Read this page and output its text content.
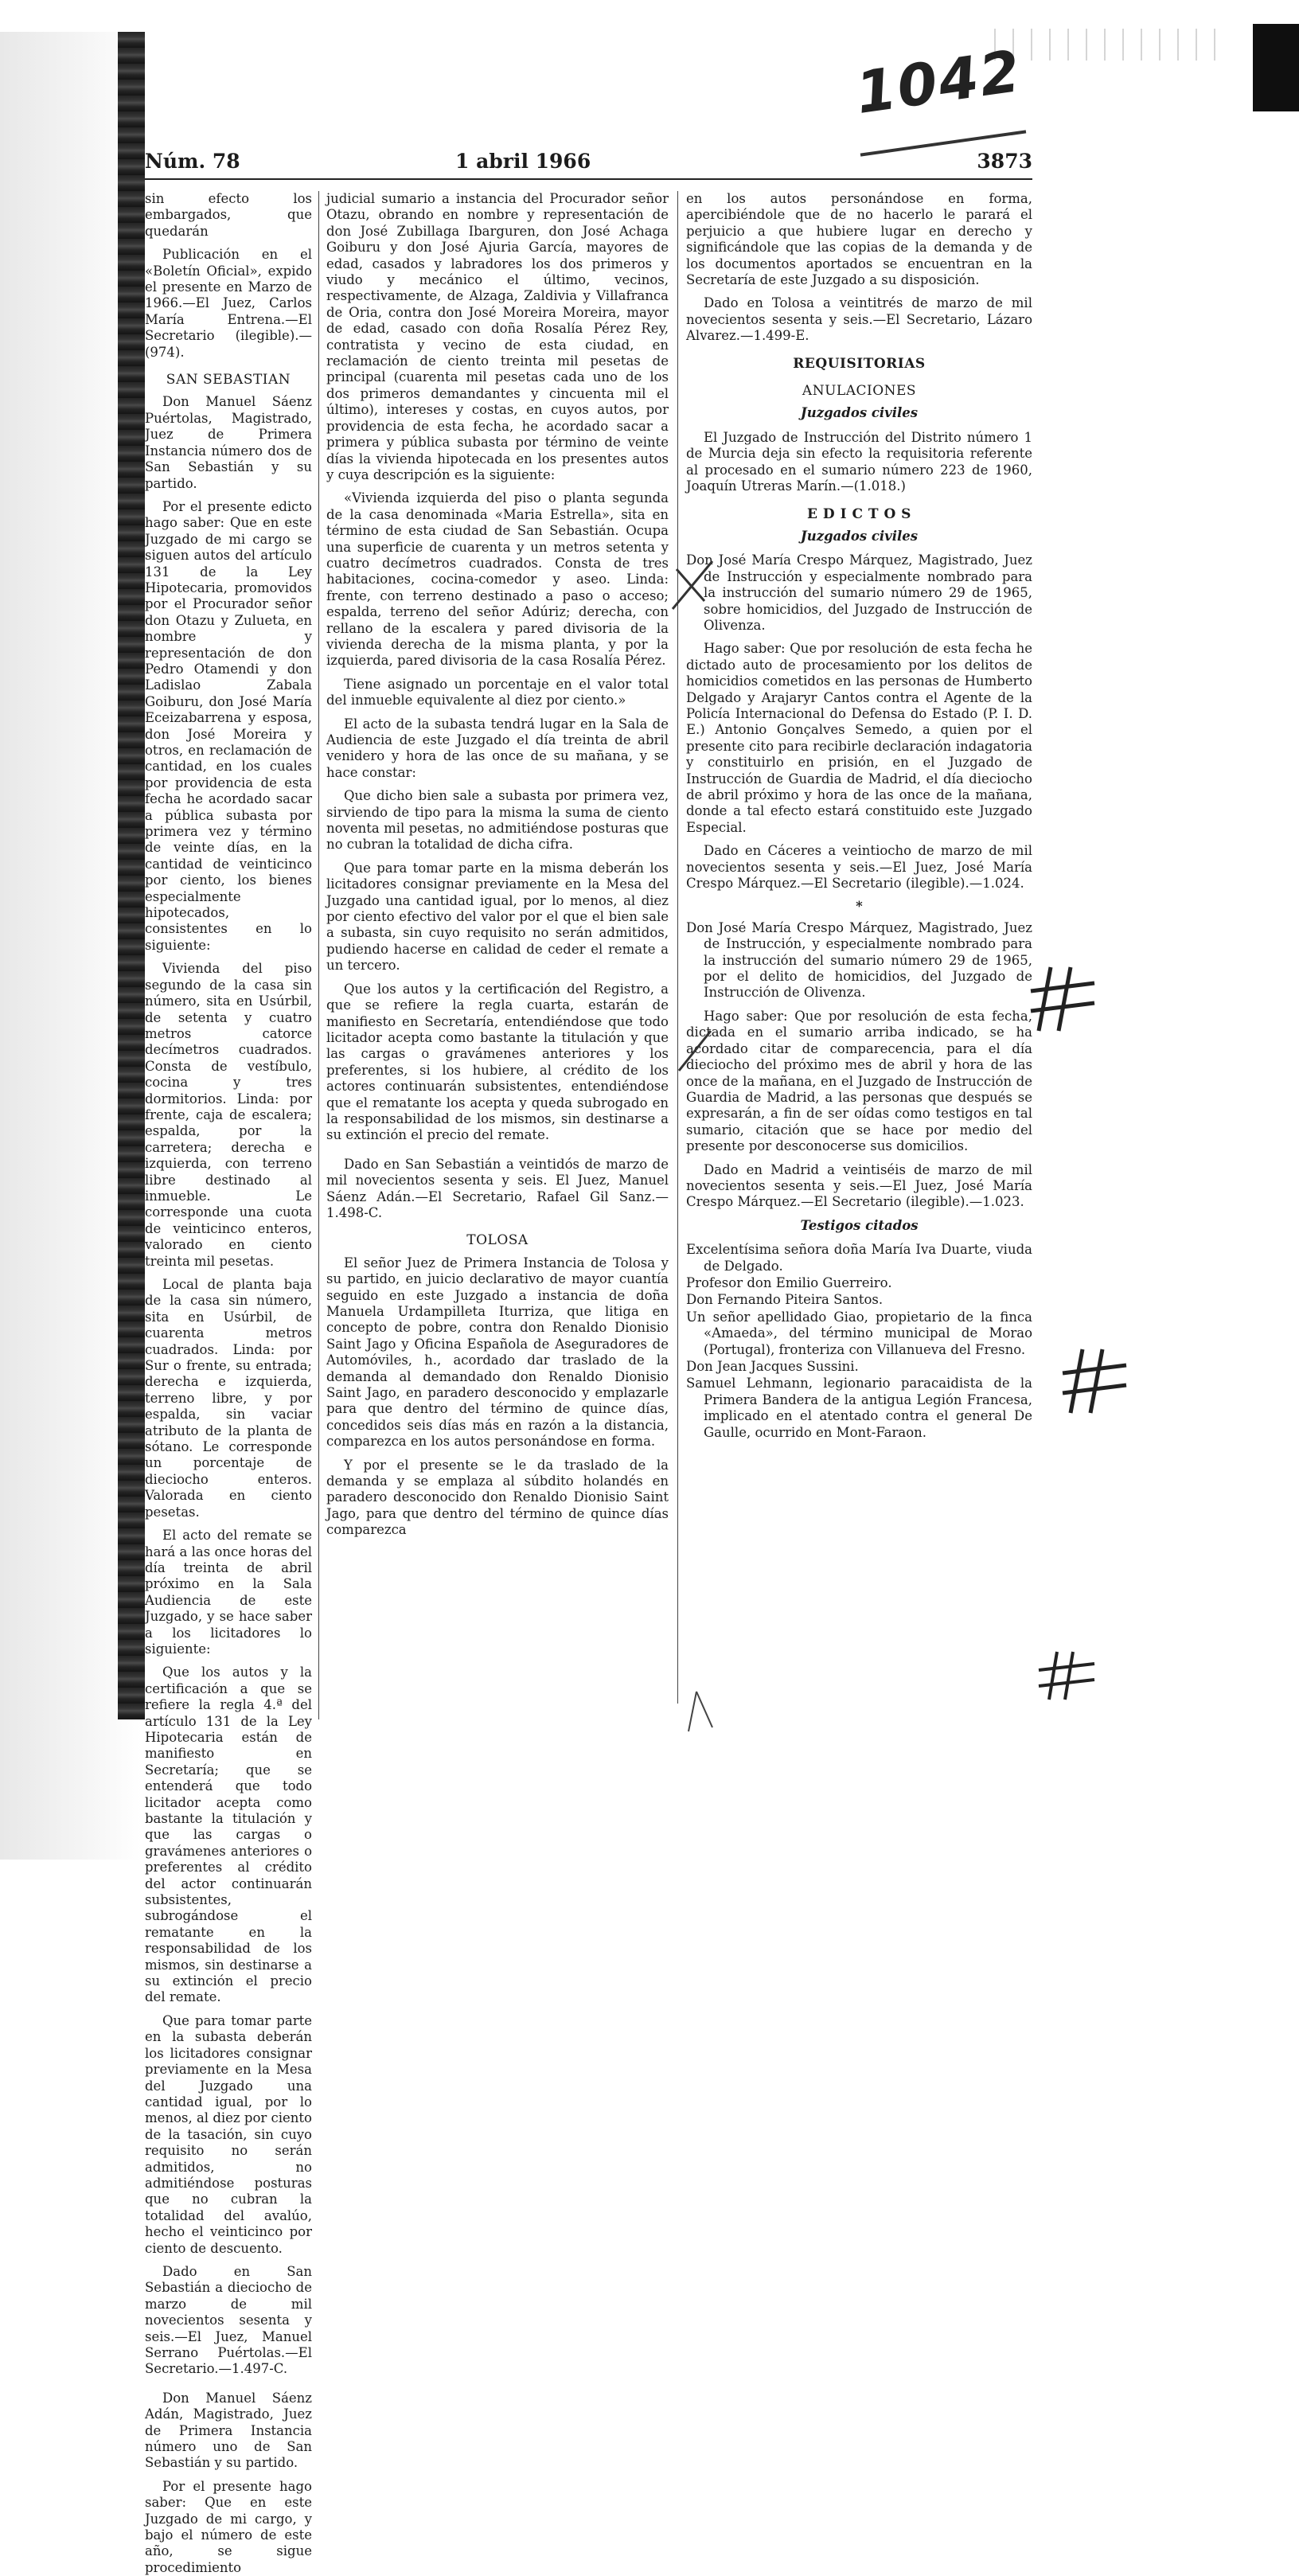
1042
Núm. 78	1 abril 1966	3873

sin efecto los embargados, que quedarán

Publicación en el «Boletín Oficial», expido el presente en Marzo de 1966.—El Juez, Carlos María Entrena.—El Secretario (ilegible).—(974).

SAN SEBASTIAN

Don Manuel Sáenz Puértolas, Magistrado, Juez de Primera Instancia número dos de San Sebastián y su partido.

Por el presente edicto hago saber: Que en este Juzgado de mi cargo se siguen autos del artículo 131 de la Ley Hipotecaria, promovidos por el Procurador señor don Otazu y Zulueta, en nombre y representación de don Pedro Otamendi y don Ladislao Zabala Goiburu, don José María Eceizabarrena y esposa, don José Moreira y otros, en reclamación de cantidad, en los cuales por providencia de esta fecha he acordado sacar a pública subasta por primera vez y término de veinte días, en la cantidad de veinticinco por ciento, los bienes especialmente hipotecados, consistentes en lo siguiente:

Vivienda del piso segundo de la casa sin número, sita en Usúrbil, de setenta y cuatro metros catorce decímetros cuadrados. Consta de vestíbulo, cocina y tres dormitorios. Linda: por frente, caja de escalera; espalda, por la carretera; derecha e izquierda, con terreno libre destinado al inmueble. Le corresponde una cuota de veinticinco enteros, valorado en ciento treinta mil pesetas.

Local de planta baja de la casa sin número, sita en Usúrbil, de cuarenta metros cuadrados. Linda: por Sur o frente, su entrada; derecha e izquierda, terreno libre, y por espalda, sin vaciar atributo de la planta de sótano. Le corresponde un porcentaje de dieciocho enteros. Valorada en ciento pesetas.

El acto del remate se hará a las once horas del día treinta de abril próximo en la Sala Audiencia de este Juzgado, y se hace saber a los licitadores lo siguiente:

Que los autos y la certificación a que se refiere la regla 4.ª del artículo 131 de la Ley Hipotecaria están de manifiesto en Secretaría; que se entenderá que todo licitador acepta como bastante la titulación y que las cargas o gravámenes anteriores o preferentes al crédito del actor continuarán subsistentes, subrogándose el rematante en la responsabilidad de los mismos, sin destinarse a su extinción el precio del remate.

Que para tomar parte en la subasta deberán los licitadores consignar previamente en la Mesa del Juzgado una cantidad igual, por lo menos, al diez por ciento de la tasación, sin cuyo requisito no serán admitidos, no admitiéndose posturas que no cubran la totalidad del avalúo, hecho el veinticinco por ciento de descuento.

Dado en San Sebastián a dieciocho de marzo de mil novecientos sesenta y seis.—El Juez, Manuel Serrano Puértolas.—El Secretario.—1.497-C.

Don Manuel Sáenz Adán, Magistrado, Juez de Primera Instancia número uno de San Sebastián y su partido.

Por el presente hago saber: Que en este Juzgado de mi cargo, y bajo el número de este año, se sigue procedimiento

judicial sumario a instancia del Procurador señor Otazu, obrando en nombre y representación de don José Zubillaga Ibarguren, don José Achaga Goiburu y don José Ajuria García, mayores de edad, casados y labradores los dos primeros y viudo y mecánico el último, vecinos, respectivamente, de Alzaga, Zaldivia y Villafranca de Oria, contra don José Moreira Moreira, mayor de edad, casado con doña Rosalía Pérez Rey, contratista y vecino de esta ciudad, en reclamación de ciento treinta mil pesetas de principal (cuarenta mil pesetas cada uno de los dos primeros demandantes y cincuenta mil el último), intereses y costas, en cuyos autos, por providencia de esta fecha, he acordado sacar a primera y pública subasta por término de veinte días la vivienda hipotecada en los presentes autos y cuya descripción es la siguiente:

«Vivienda izquierda del piso o planta segunda de la casa denominada «Maria Estrella», sita en término de esta ciudad de San Sebastián. Ocupa una superficie de cuarenta y un metros setenta y cuatro decímetros cuadrados. Consta de tres habitaciones, cocina-comedor y aseo. Linda: frente, con terreno destinado a paso o acceso; espalda, terreno del señor Adúriz; derecha, con rellano de la escalera y pared divisoria de la vivienda derecha de la misma planta, y por la izquierda, pared divisoria de la casa Rosalía Pérez.

Tiene asignado un porcentaje en el valor total del inmueble equivalente al diez por ciento.»

El acto de la subasta tendrá lugar en la Sala de Audiencia de este Juzgado el día treinta de abril venidero y hora de las once de su mañana, y se hace constar:

Que dicho bien sale a subasta por primera vez, sirviendo de tipo para la misma la suma de ciento noventa mil pesetas, no admitiéndose posturas que no cubran la totalidad de dicha cifra.

Que para tomar parte en la misma deberán los licitadores consignar previamente en la Mesa del Juzgado una cantidad igual, por lo menos, al diez por ciento efectivo del valor por el que el bien sale a subasta, sin cuyo requisito no serán admitidos, pudiendo hacerse en calidad de ceder el remate a un tercero.

Que los autos y la certificación del Registro, a que se refiere la regla cuarta, estarán de manifiesto en Secretaría, entendiéndose que todo licitador acepta como bastante la titulación y que las cargas o gravámenes anteriores y los preferentes, si los hubiere, al crédito de los actores continuarán subsistentes, entendiéndose que el rematante los acepta y queda subrogado en la responsabilidad de los mismos, sin destinarse a su extinción el precio del remate.

Dado en San Sebastián a veintidós de marzo de mil novecientos sesenta y seis. El Juez, Manuel Sáenz Adán.—El Secretario, Rafael Gil Sanz.—1.498-C.

TOLOSA

El señor Juez de Primera Instancia de Tolosa y su partido, en juicio declarativo de mayor cuantía seguido en este Juzgado a instancia de doña Manuela Urdampilleta Iturriza, que litiga en concepto de pobre, contra don Renaldo Dionisio Saint Jago y Oficina Española de Aseguradores de Automóviles, h., acordado dar traslado de la demanda al demandado don Renaldo Dionisio Saint Jago, en paradero desconocido y emplazarle para que dentro del término de quince días, concedidos seis días más en razón a la distancia, comparezca en los autos personándose en forma.

Y por el presente se le da traslado de la demanda y se emplaza al súbdito holandés en paradero desconocido don Renaldo Dionisio Saint Jago, para que dentro del término de quince días comparezca

en los autos personándose en forma, apercibiéndole que de no hacerlo le parará el perjuicio a que hubiere lugar en derecho y significándole que las copias de la demanda y de los documentos aportados se encuentran en la Secretaría de este Juzgado a su disposición.

Dado en Tolosa a veintitrés de marzo de mil novecientos sesenta y seis.—El Secretario, Lázaro Alvarez.—1.499-E.

REQUISITORIAS
ANULACIONES
Juzgados civiles

El Juzgado de Instrucción del Distrito número 1 de Murcia deja sin efecto la requisitoria referente al procesado en el sumario número 223 de 1960, Joaquín Utreras Marín.—(1.018.)

E D I C T O S
Juzgados civiles

Don José María Crespo Márquez, Magistrado, Juez de Instrucción y especialmente nombrado para la instrucción del sumario número 29 de 1965, sobre homicidios, del Juzgado de Instrucción de Olivenza.

Hago saber: Que por resolución de esta fecha he dictado auto de procesamiento por los delitos de homicidios cometidos en las personas de Humberto Delgado y Arajaryr Cantos contra el Agente de la Policía Internacional do Defensa do Estado (P. I. D. E.) Antonio Gonçalves Semedo, a quien por el presente cito para recibirle declaración indagatoria y constituirlo en prisión, en el Juzgado de Instrucción de Guardia de Madrid, el día dieciocho de abril próximo y hora de las once de la mañana, donde a tal efecto estará constituido este Juzgado Especial.

Dado en Cáceres a veintiocho de marzo de mil novecientos sesenta y seis.—El Juez, José María Crespo Márquez.—El Secretario (ilegible).—1.024.

*

Don José María Crespo Márquez, Magistrado, Juez de Instrucción, y especialmente nombrado para la instrucción del sumario número 29 de 1965, por el delito de homicidios, del Juzgado de Instrucción de Olivenza.

Hago saber: Que por resolución de esta fecha, dictada en el sumario arriba indicado, se ha acordado citar de comparecencia, para el día dieciocho del próximo mes de abril y hora de las once de la mañana, en el Juzgado de Instrucción de Guardia de Madrid, a las personas que después se expresarán, a fin de ser oídas como testigos en tal sumario, citación que se hace por medio del presente por desconocerse sus domicilios.

Dado en Madrid a veintiséis de marzo de mil novecientos sesenta y seis.—El Juez, José María Crespo Márquez.—El Secretario (ilegible).—1.023.

Testigos citados

Excelentísima señora doña María Iva Duarte, viuda de Delgado.

Profesor don Emilio Guerreiro.

Don Fernando Piteira Santos.

Un señor apellidado Giao, propietario de la finca «Amaeda», del término municipal de Morao (Portugal), fronteriza con Villanueva del Fresno.

Don Jean Jacques Sussini.

Samuel Lehmann, legionario paracaidista de la Primera Bandera de la antigua Legión Francesa, implicado en el atentado contra el general De Gaulle, ocurrido en Mont-Faraon.
